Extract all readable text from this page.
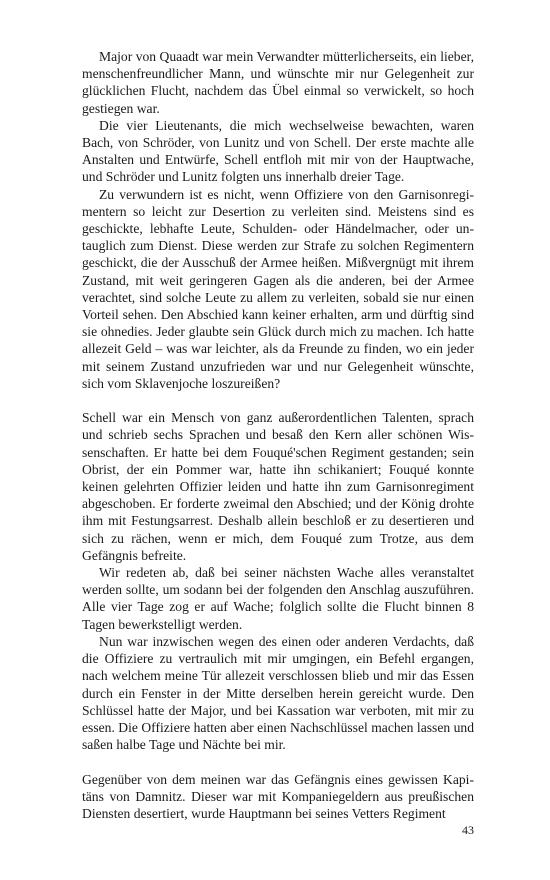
Major von Quaadt war mein Verwandter mütterlicherseits, ein lieber, menschenfreundlicher Mann, und wünschte mir nur Gelegenheit zur glücklichen Flucht, nachdem das Übel einmal so verwickelt, so hoch gestiegen war.

Die vier Lieutenants, die mich wechselweise bewachten, waren Bach, von Schröder, von Lunitz und von Schell. Der erste machte alle Anstalten und Entwürfe, Schell entfloh mit mir von der Hauptwache, und Schröder und Lunitz folgten uns innerhalb dreier Tage.

Zu verwundern ist es nicht, wenn Offiziere von den Garnisonregimentern so leicht zur Desertion zu verleiten sind. Meistens sind es geschickte, lebhafte Leute, Schulden- oder Händelmacher, oder untauglich zum Dienst. Diese werden zur Strafe zu solchen Regimentern geschickt, die der Ausschuß der Armee heißen. Mißvergnügt mit ihrem Zustand, mit weit geringeren Gagen als die anderen, bei der Armee verachtet, sind solche Leute zu allem zu verleiten, sobald sie nur einen Vorteil sehen. Den Abschied kann keiner erhalten, arm und dürftig sind sie ohnedies. Jeder glaubte sein Glück durch mich zu machen. Ich hatte allezeit Geld – was war leichter, als da Freunde zu finden, wo ein jeder mit seinem Zustand unzufrieden war und nur Gelegenheit wünschte, sich vom Sklavenjoche loszureißen?

Schell war ein Mensch von ganz außerordentlichen Talenten, sprach und schrieb sechs Sprachen und besaß den Kern aller schönen Wissenschaften. Er hatte bei dem Fouqué'schen Regiment gestanden; sein Obrist, der ein Pommer war, hatte ihn schikaniert; Fouqué konnte keinen gelehrten Offizier leiden und hatte ihn zum Garnisonregiment abgeschoben. Er forderte zweimal den Abschied; und der König drohte ihm mit Festungsarrest. Deshalb allein beschloß er zu desertieren und sich zu rächen, wenn er mich, dem Fouqué zum Trotze, aus dem Gefängnis befreite.

Wir redeten ab, daß bei seiner nächsten Wache alles veranstaltet werden sollte, um sodann bei der folgenden den Anschlag auszuführen. Alle vier Tage zog er auf Wache; folglich sollte die Flucht binnen 8 Tagen bewerkstelligt werden.

Nun war inzwischen wegen des einen oder anderen Verdachts, daß die Offiziere zu vertraulich mit mir umgingen, ein Befehl ergangen, nach welchem meine Tür allezeit verschlossen blieb und mir das Essen durch ein Fenster in der Mitte derselben herein gereicht wurde. Den Schlüssel hatte der Major, und bei Kassation war verboten, mit mir zu essen. Die Offiziere hatten aber einen Nachschlüssel machen lassen und saßen halbe Tage und Nächte bei mir.

Gegenüber von dem meinen war das Gefängnis eines gewissen Kapitäns von Damnitz. Dieser war mit Kompaniegeldern aus preußischen Diensten desertiert, wurde Hauptmann bei seines Vetters Regiment

43
